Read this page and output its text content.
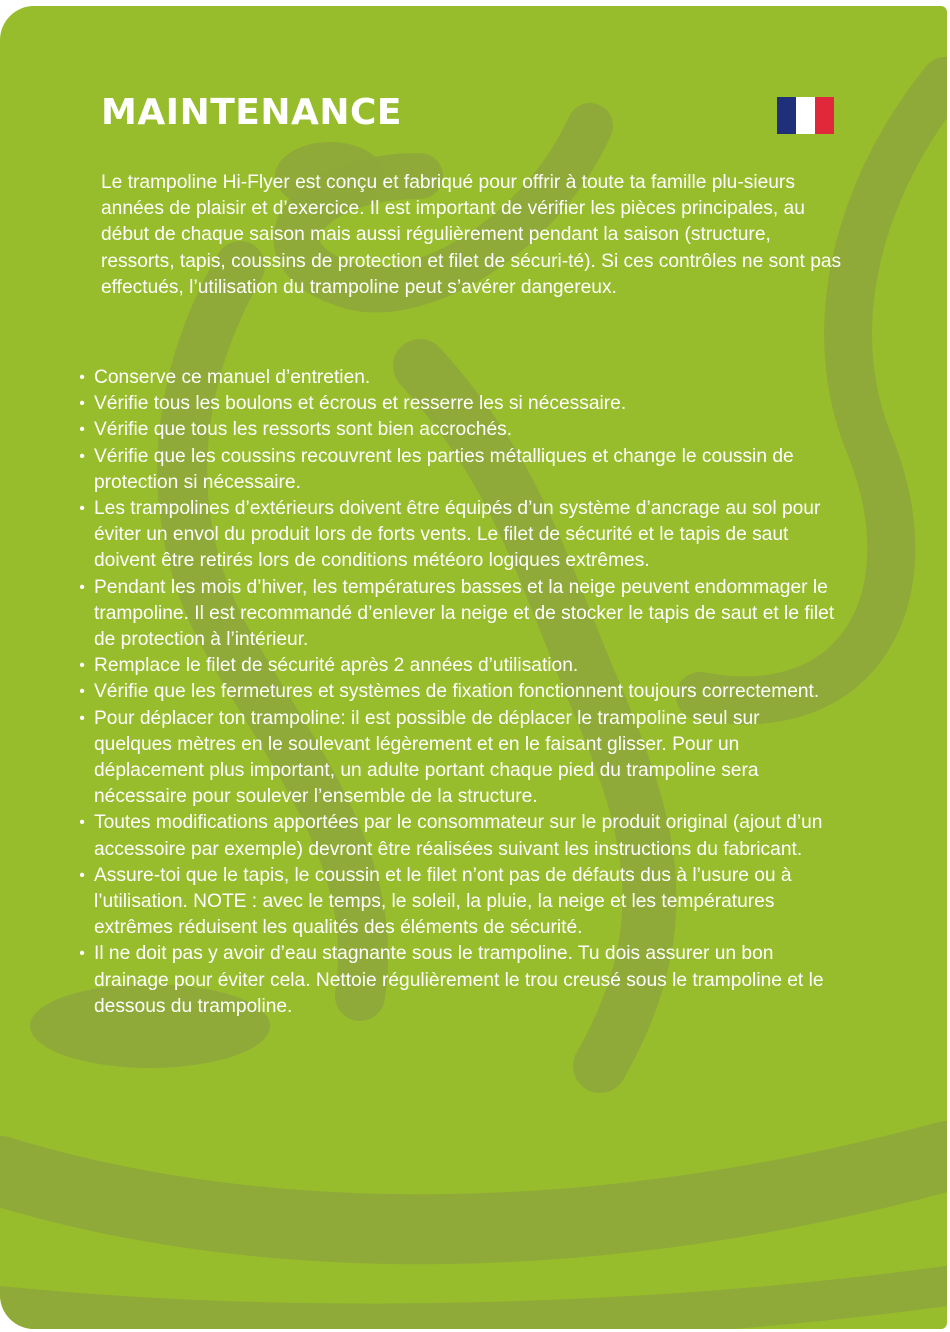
MAINTENANCE

Le trampoline Hi-Flyer est conçu et fabriqué pour offrir à toute ta famille plu-sieurs années de plaisir et d’exercice. Il est important de vérifier les pièces principales, au début de chaque saison mais aussi régulièrement pendant la saison (structure, ressorts, tapis, coussins de protection et filet de sécuri-té). Si ces contrôles ne sont pas effectués, l’utilisation du trampoline peut s’avérer dangereux.

• Conserve ce manuel d’entretien.
• Vérifie tous les boulons et écrous et resserre les si nécessaire.
• Vérifie que tous les ressorts sont bien accrochés.
• Vérifie que les coussins recouvrent les parties métalliques et change le coussin de protection si nécessaire.
• Les trampolines d’extérieurs doivent être équipés d’un système d’ancrage au sol pour éviter un envol du produit lors de forts vents. Le filet de sécurité et le tapis de saut doivent être retirés lors de conditions météoro logiques extrêmes.
• Pendant les mois d’hiver, les températures basses et la neige peuvent endommager le trampoline. Il est recommandé d’enlever la neige et de stocker le tapis de saut et le filet de protection à l’intérieur.
• Remplace le filet de sécurité après 2 années d’utilisation.
• Vérifie que les fermetures et systèmes de fixation fonctionnent toujours correctement.
• Pour déplacer ton trampoline: il est possible de déplacer le trampoline seul sur quelques mètres en le soulevant légèrement et en le faisant glisser. Pour un déplacement plus important, un adulte portant chaque pied du trampoline sera nécessaire pour soulever l’ensemble de la structure.
• Toutes modifications apportées par le consommateur sur le produit original (ajout d’un accessoire par exemple) devront être réalisées suivant les instructions du fabricant.
• Assure-toi que le tapis, le coussin et le filet n’ont pas de défauts dus à l’usure ou à l’utilisation. NOTE : avec le temps, le soleil, la pluie, la neige et les températures extrêmes réduisent les qualités des éléments de sécurité.
• Il ne doit pas y avoir d’eau stagnante sous le trampoline. Tu dois assurer un bon drainage pour éviter cela. Nettoie régulièrement le trou creusé sous le trampoline et le dessous du trampoline.
